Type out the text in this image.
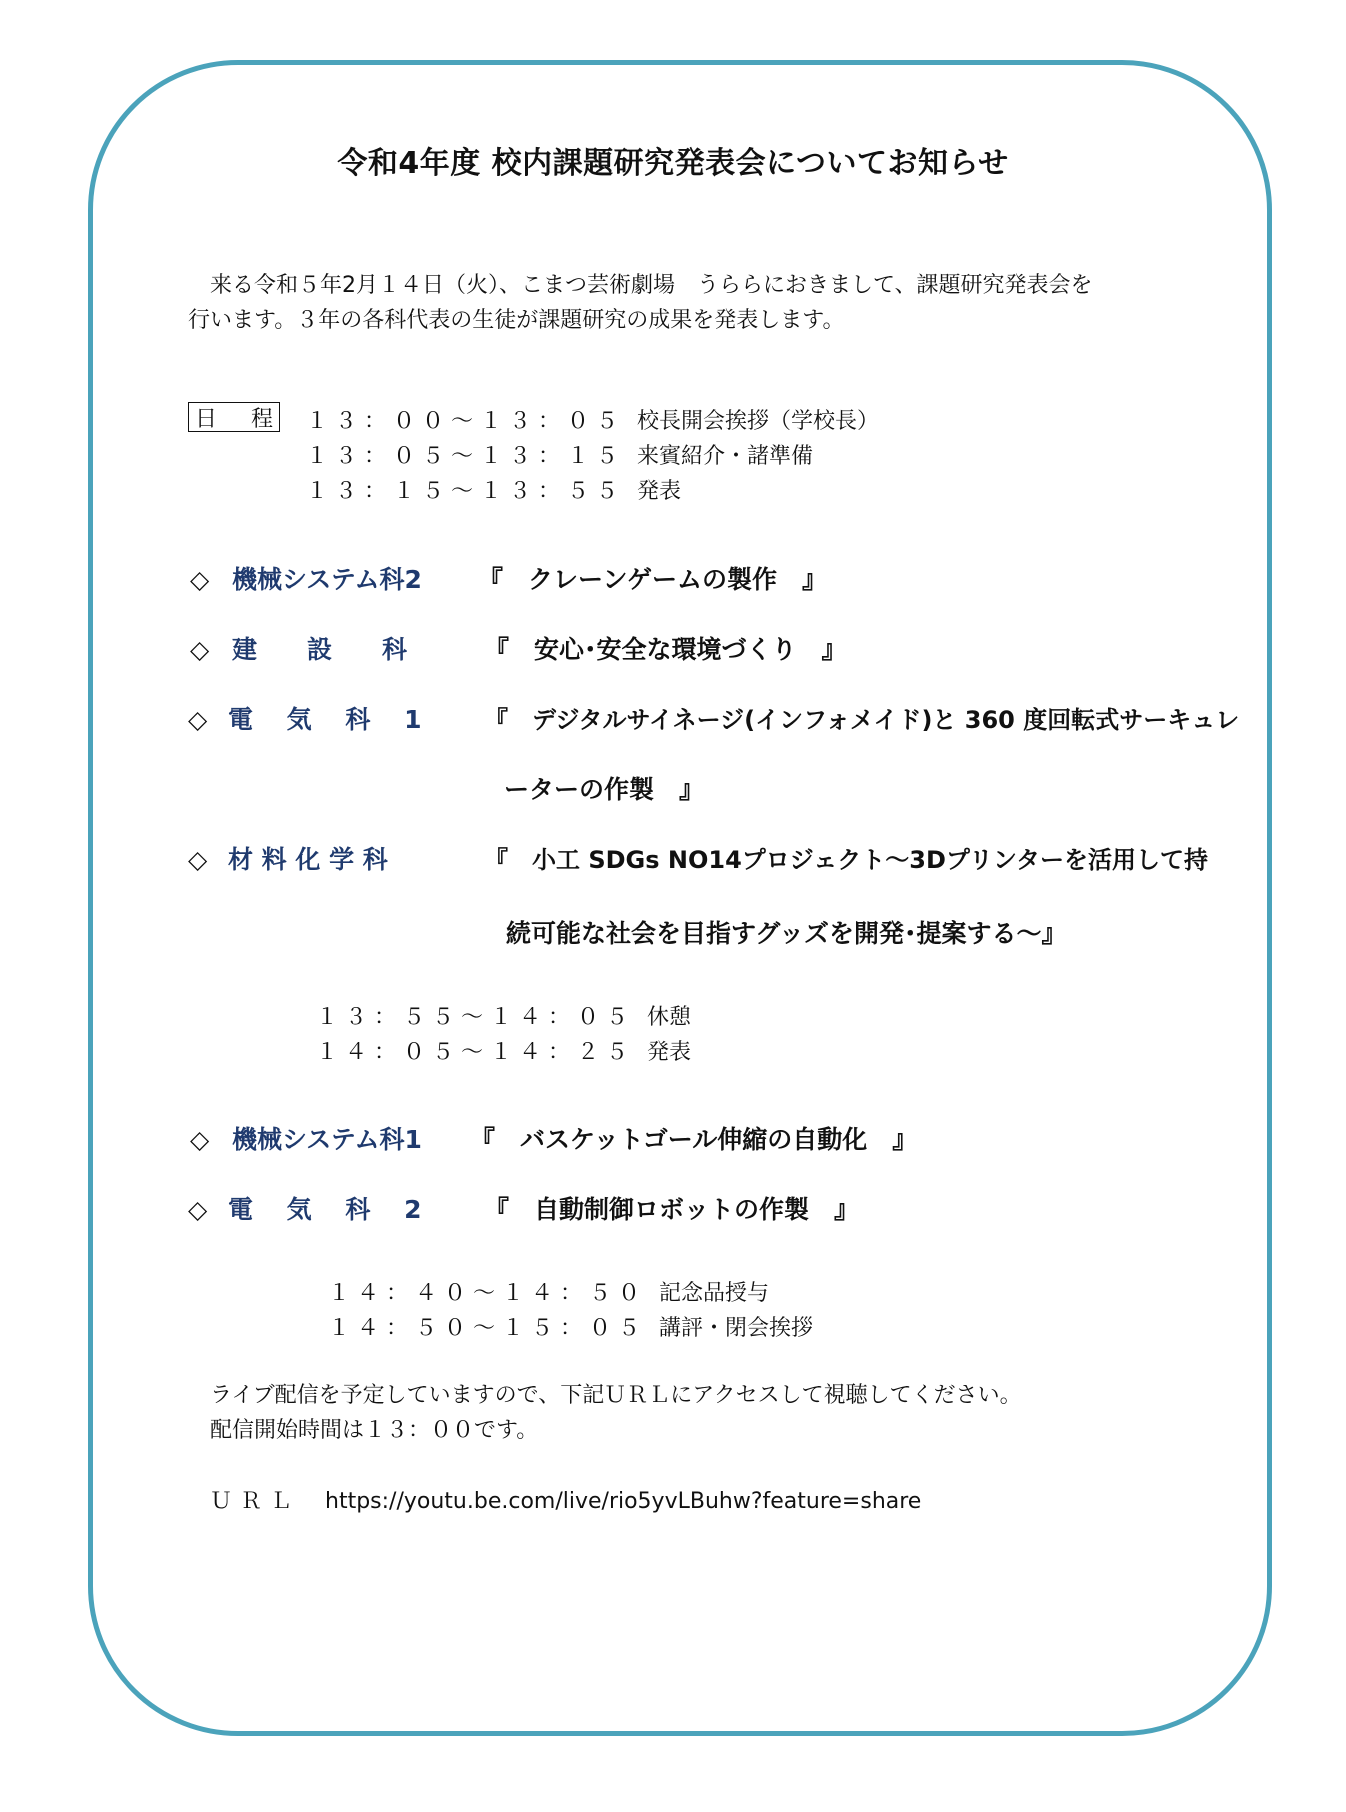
令和4年度 校内課題研究発表会についてお知らせ
来る令和５年2月１４日（火）、こまつ芸術劇場　うららにおきまして、課題研究発表会を
行います。３年の各科代表の生徒が課題研究の成果を発表します。
日 程 １３：００～１３：０５ 校長開会挨拶（学校長）
１３：０５～１３：１５ 来賓紹介・諸準備
１３：１５～１３：５５ 発表
◇ 機械システム科2 『　クレーンゲームの製作　』
◇ 建　　設　　科	『　安心･安全な環境づくり　』
◇ 電　 気　 科　 1	『　デジタルサイネージ(インフォメイド)と 360 度回転式サーキュレ
ーターの作製　』
◇ 材 料 化 学 科	『　小工 SDGs NO14プロジェクト～3Dプリンターを活用して持
続可能な社会を目指すグッズを開発･提案する～』
１３：５５～１４：０５ 休憩
１４：０５～１４：２５ 発表
◇ 機械システム科1 『　バスケットゴール伸縮の自動化　』
◇ 電　 気　 科　 2	『　自動制御ロボットの作製　』
１４：４０～１４：５０ 記念品授与
１４：５０～１５：０５ 講評・閉会挨拶
ライブ配信を予定していますので、下記ＵＲＬにアクセスして視聴してください。
配信開始時間は１３：００です。
ＵＲＬ https://youtu.be.com/live/rio5yvLBuhw?feature=share
